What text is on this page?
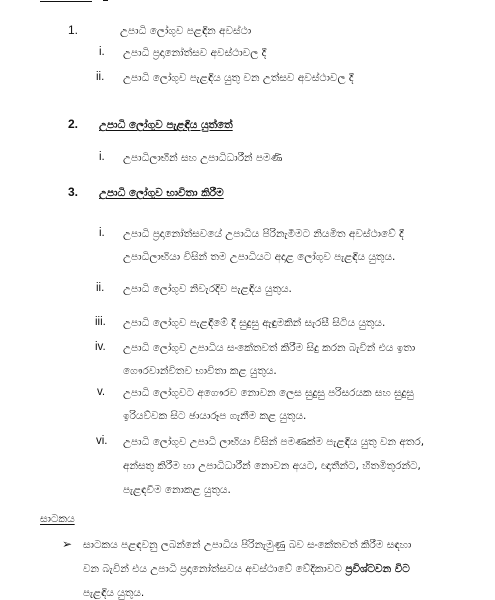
1.	උපාධි ලෝගුව පළඳින අවස්ථා
i. උපාධි ප්‍රදානෝත්සව අවස්ථාවල දී
ii. උපාධි ලෝගුව පැළඳිය යුතු වන උත්සව අවස්ථාවල දී
2. උපාධි ලෝගුව පැළඳිය යුත්තේ
i. උපාධිලාභීන් සහ උපාධිධාරීන් පමණි
3. උපාධි ලෝගුව භාවිතා කිරීම
i. උපාධි ප්‍රදානෝත්සවයේ උපාධිය පිරිනැමීමට නියමිත අවස්ථාවේ දී
උපාධිලාභියා විසින් තම උපාධියට අදාළ ලෝගුව පැළඳිය යුතුය.
ii. උපාධි ලෝගුව නිවැරදිව පැළඳිය යුතුය.
iii. උපාධි ලෝගුව පැළඳීමේ දී සුදුසු ඇඳුමකින් සැරසී සිටිය යුතුය.
iv. උපාධි ලෝගුව උපාධිය සංකේතවත් කිරීම සිදු කරන බැවින් එය ඉතා
ගෞරවාන්විතව භාවිතා කළ යුතුය.
v. උපාධි ලෝගුවට අගෞරව නොවන ලෙස සුදුසු පරිසරයක සහ සුදුසු
ඉරියව්වක සිට ඡායාරූප ගැනීම කළ යුතුය.
vi. උපාධි ලෝගුව උපාධි ලාභියා විසින් පමණක්ම පැළඳිය යුතු වන අතර,
අන්සතු කිරීම හා උපාධිධාරීන් නොවන අයට, ඥාතීන්ට, හිතමිතුරන්ට,
පැළඳවීම නොකළ යුතුය.
සාටකය
➢ සාටකය පළඳවනු ලබන්නේ උපාධිය පිරිනැමුණු බව සංකේතවත් කිරීම සඳහා
වන බැවින් එය උපාධි ප්‍රදානෝත්සවය අවස්ථාවේ වේදිකාවට ප්‍රවිශ්ටවන විට
පැළඳිය යුතුය.
